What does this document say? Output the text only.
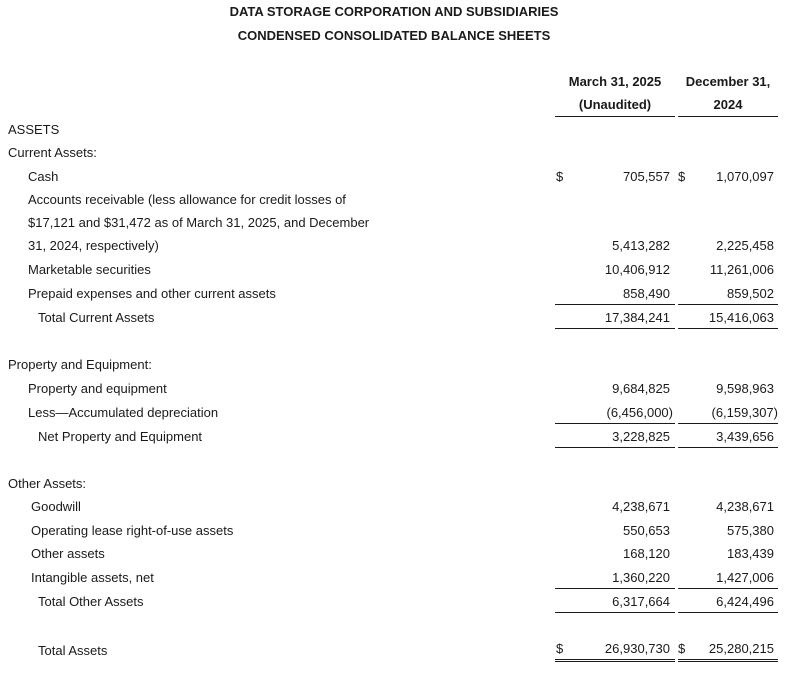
DATA STORAGE CORPORATION AND SUBSIDIARIES
CONDENSED CONSOLIDATED BALANCE SHEETS
March 31, 2025
(Unaudited)
December 31,
2024
ASSETS
Current Assets:
Cash	$	705,557 $	1,070,097
Accounts receivable (less allowance for credit losses of
$17,121 and $31,472 as of March 31, 2025, and December
31, 2024, respectively)	5,413,282	2,225,458
Marketable securities	10,406,912	11,261,006
Prepaid expenses and other current assets	858,490	859,502
Total Current Assets	17,384,241	15,416,063
Property and Equipment:
Property and equipment	9,684,825	9,598,963
Less—Accumulated depreciation	(6,456,000)	(6,159,307)
Net Property and Equipment	3,228,825	3,439,656
Other Assets:
Goodwill	4,238,671	4,238,671
Operating lease right-of-use assets	550,653	575,380
Other assets	168,120	183,439
Intangible assets, net	1,360,220	1,427,006
Total Other Assets	6,317,664	6,424,496
Total Assets	$	26,930,730 $	25,280,215
